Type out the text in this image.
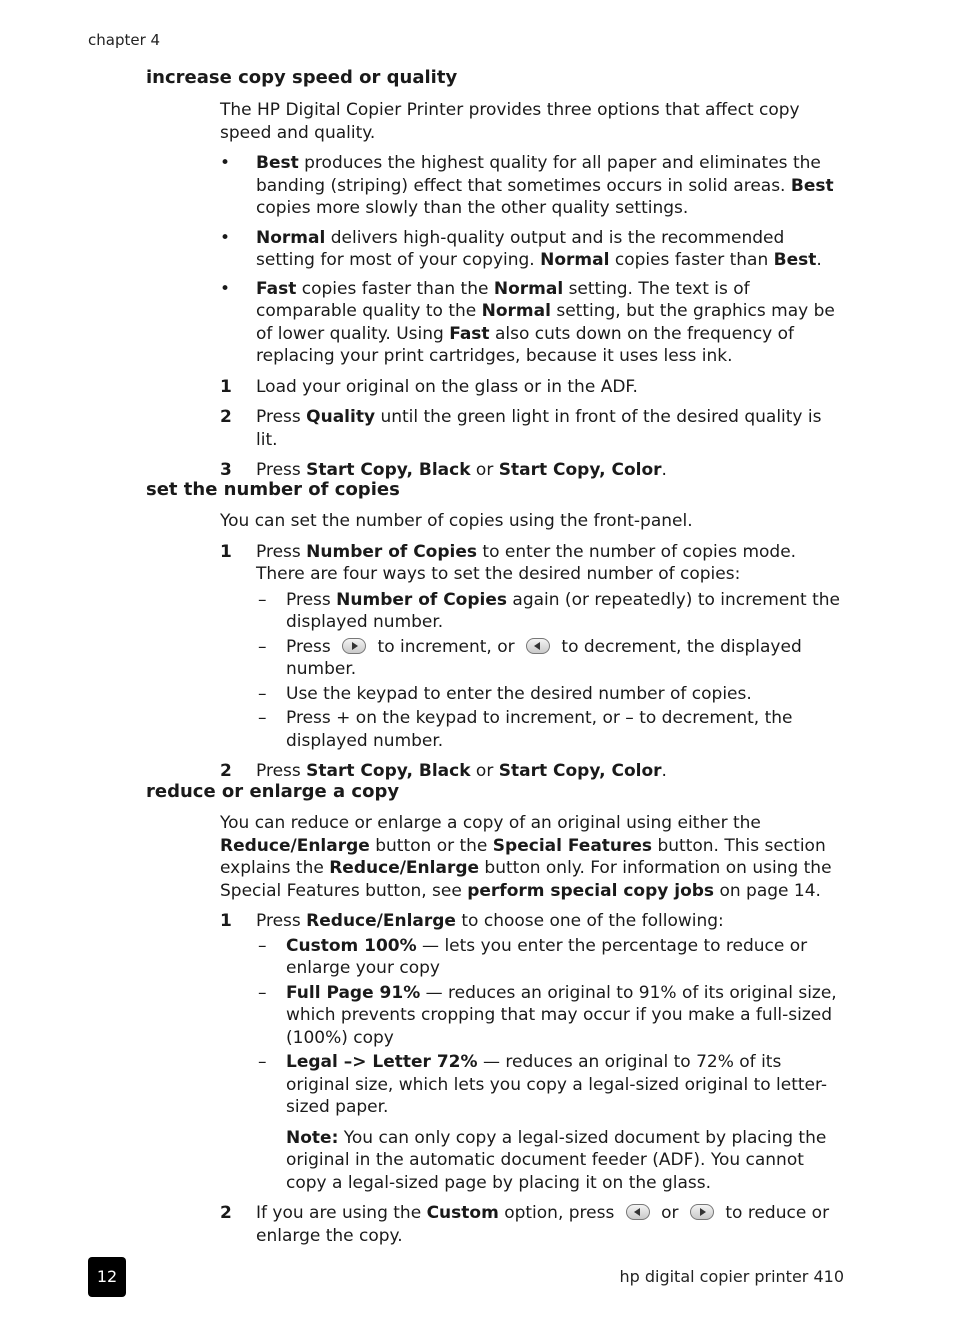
chapter 4
increase copy speed or quality

The HP Digital Copier Printer provides three options that affect copy speed and quality.

• Best produces the highest quality for all paper and eliminates the banding (striping) effect that sometimes occurs in solid areas. Best copies more slowly than the other quality settings.
• Normal delivers high-quality output and is the recommended setting for most of your copying. Normal copies faster than Best.
• Fast copies faster than the Normal setting. The text is of comparable quality to the Normal setting, but the graphics may be of lower quality. Using Fast also cuts down on the frequency of replacing your print cartridges, because it uses less ink.
1 Load your original on the glass or in the ADF.
2 Press Quality until the green light in front of the desired quality is lit.
3 Press Start Copy, Black or Start Copy, Color.
set the number of copies

You can set the number of copies using the front-panel.

1 Press Number of Copies to enter the number of copies mode. There are four ways to set the desired number of copies:
– Press Number of Copies again (or repeatedly) to increment the displayed number.
– Press  to increment, or  to decrement, the displayed number.
– Use the keypad to enter the desired number of copies.
– Press + on the keypad to increment, or – to decrement, the displayed number.
2 Press Start Copy, Black or Start Copy, Color.
reduce or enlarge a copy

You can reduce or enlarge a copy of an original using either the Reduce/Enlarge button or the Special Features button. This section explains the Reduce/Enlarge button only. For information on using the Special Features button, see perform special copy jobs on page 14.

1 Press Reduce/Enlarge to choose one of the following:
– Custom 100% — lets you enter the percentage to reduce or enlarge your copy
– Full Page 91% — reduces an original to 91% of its original size, which prevents cropping that may occur if you make a full-sized (100%) copy
– Legal –> Letter 72% — reduces an original to 72% of its original size, which lets you copy a legal-sized original to letter-sized paper.
Note: You can only copy a legal-sized document by placing the original in the automatic document feeder (ADF). You cannot copy a legal-sized page by placing it on the glass.
2 If you are using the Custom option, press  or  to reduce or enlarge the copy.
12	hp digital copier printer 410
